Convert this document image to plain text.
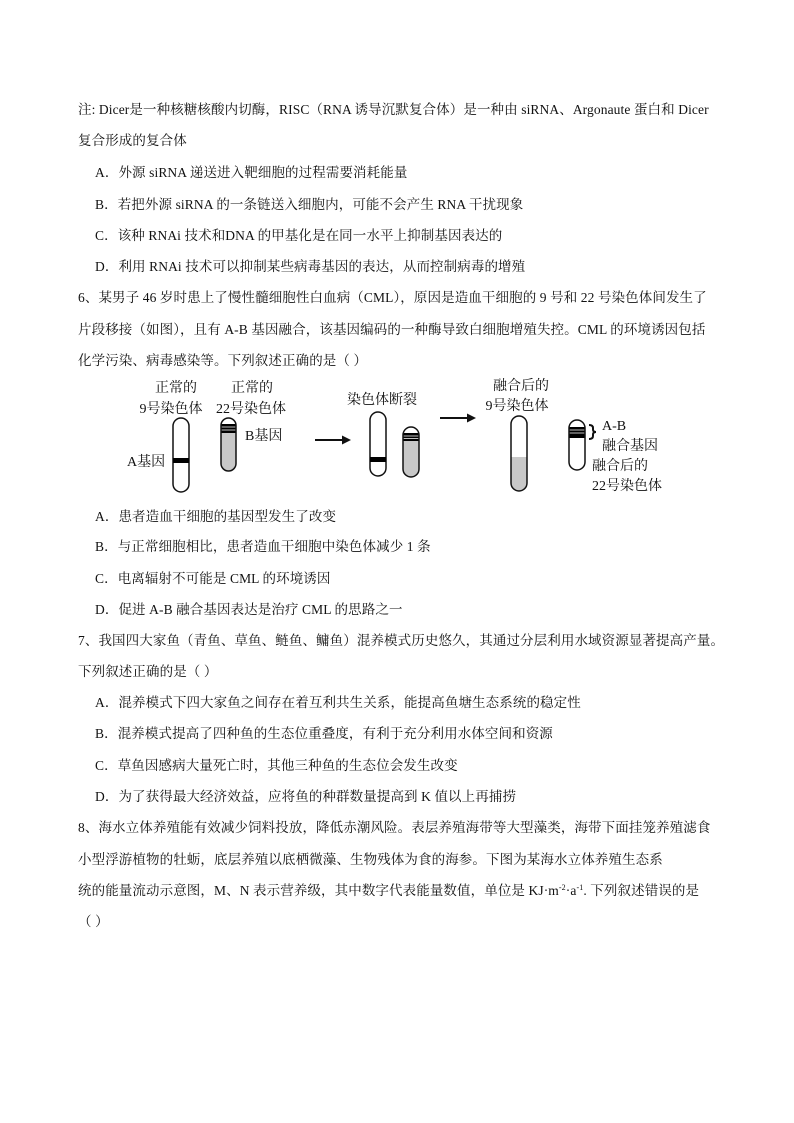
注: Dicer是一种核糖核酸内切酶，RISC（RNA 诱导沉默复合体）是一种由 siRNA、Argonaute 蛋白和 Dicer
复合形成的复合体
A．外源 siRNA 递送进入靶细胞的过程需要消耗能量
B．若把外源 siRNA 的一条链送入细胞内，可能不会产生 RNA 干扰现象
C．该种 RNAi 技术和DNA 的甲基化是在同一水平上抑制基因表达的
D．利用 RNAi 技术可以抑制某些病毒基因的表达，从而控制病毒的增殖
6、某男子 46 岁时患上了慢性髓细胞性白血病（CML），原因是造血干细胞的 9 号和 22 号染色体间发生了
片段移接（如图），且有 A-B 基因融合，该基因编码的一种酶导致白细胞增殖失控。CML 的环境诱因包括
化学污染、病毒感染等。下列叙述正确的是（ ）
正常的
9号染色体
正常的
22号染色体
B基因
A基因
染色体断裂
融合后的
9号染色体
A-B
融合基因
融合后的
22号染色体
A．患者造血干细胞的基因型发生了改变
B．与正常细胞相比，患者造血干细胞中染色体减少 1 条
C．电离辐射不可能是 CML 的环境诱因
D．促进 A-B 融合基因表达是治疗 CML 的思路之一
7、我国四大家鱼（青鱼、草鱼、鲢鱼、鳙鱼）混养模式历史悠久，其通过分层利用水域资源显著提高产量。
下列叙述正确的是（ ）
A．混养模式下四大家鱼之间存在着互利共生关系，能提高鱼塘生态系统的稳定性
B．混养模式提高了四种鱼的生态位重叠度，有利于充分利用水体空间和资源
C．草鱼因感病大量死亡时，其他三种鱼的生态位会发生改变
D．为了获得最大经济效益，应将鱼的种群数量提高到 K 值以上再捕捞
8、海水立体养殖能有效减少饲料投放，降低赤潮风险。表层养殖海带等大型藻类，海带下面挂笼养殖滤食
小型浮游植物的牡蛎，底层养殖以底栖微藻、生物残体为食的海参。下图为某海水立体养殖生态系
统的能量流动示意图，M、N 表示营养级，其中数字代表能量数值，单位是 $KJ\cdot m^{-2}\cdot a^{-1}$. 下列叙述错误的是
（ ）
